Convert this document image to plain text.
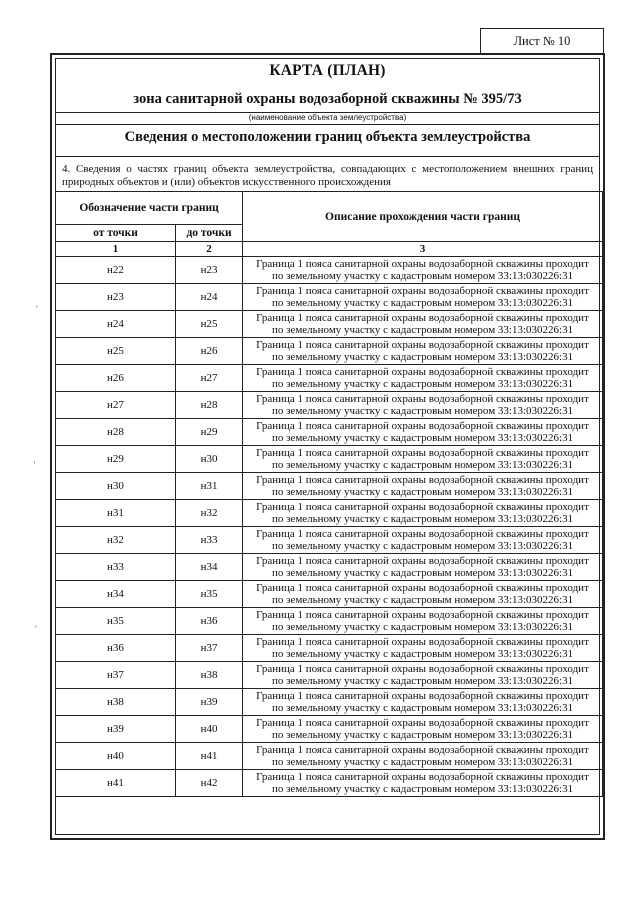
Лист № 10
ˊ
ˌ
ˊ
КАРТА (ПЛАН)
зона санитарной охраны водозаборной скважины № 395/73
(наименование объекта землеустройства)
Сведения о местоположении границ объекта землеустройства
4. Сведения о частях границ объекта землеустройства, совпадающих с местоположением внешних границ природных объектов и (или) объектов искусственного происхождения
Обозначение части границ		Описание прохождения части границ
от точки	до точки	
1	2	3
н22	н23	Граница 1 пояса санитарной охраны водозаборной скважины проходит
по земельному участку с кадастровым номером 33:13:030226:31

н23	н24	Граница 1 пояса санитарной охраны водозаборной скважины проходит
по земельному участку с кадастровым номером 33:13:030226:31

н24	н25	Граница 1 пояса санитарной охраны водозаборной скважины проходит
по земельному участку с кадастровым номером 33:13:030226:31

н25	н26	Граница 1 пояса санитарной охраны водозаборной скважины проходит
по земельному участку с кадастровым номером 33:13:030226:31

н26	н27	Граница 1 пояса санитарной охраны водозаборной скважины проходит
по земельному участку с кадастровым номером 33:13:030226:31

н27	н28	Граница 1 пояса санитарной охраны водозаборной скважины проходит
по земельному участку с кадастровым номером 33:13:030226:31

н28	н29	Граница 1 пояса санитарной охраны водозаборной скважины проходит
по земельному участку с кадастровым номером 33:13:030226:31

н29	н30	Граница 1 пояса санитарной охраны водозаборной скважины проходит
по земельному участку с кадастровым номером 33:13:030226:31

н30	н31	Граница 1 пояса санитарной охраны водозаборной скважины проходит
по земельному участку с кадастровым номером 33:13:030226:31

н31	н32	Граница 1 пояса санитарной охраны водозаборной скважины проходит
по земельному участку с кадастровым номером 33:13:030226:31

н32	н33	Граница 1 пояса санитарной охраны водозаборной скважины проходит
по земельному участку с кадастровым номером 33:13:030226:31

н33	н34	Граница 1 пояса санитарной охраны водозаборной скважины проходит
по земельному участку с кадастровым номером 33:13:030226:31

н34	н35	Граница 1 пояса санитарной охраны водозаборной скважины проходит
по земельному участку с кадастровым номером 33:13:030226:31

н35	н36	Граница 1 пояса санитарной охраны водозаборной скважины проходит
по земельному участку с кадастровым номером 33:13:030226:31

н36	н37	Граница 1 пояса санитарной охраны водозаборной скважины проходит
по земельному участку с кадастровым номером 33:13:030226:31

н37	н38	Граница 1 пояса санитарной охраны водозаборной скважины проходит
по земельному участку с кадастровым номером 33:13:030226:31

н38	н39	Граница 1 пояса санитарной охраны водозаборной скважины проходит
по земельному участку с кадастровым номером 33:13:030226:31

н39	н40	Граница 1 пояса санитарной охраны водозаборной скважины проходит
по земельному участку с кадастровым номером 33:13:030226:31

н40	н41	Граница 1 пояса санитарной охраны водозаборной скважины проходит
по земельному участку с кадастровым номером 33:13:030226:31

н41	н42	Граница 1 пояса санитарной охраны водозаборной скважины проходит
по земельному участку с кадастровым номером 33:13:030226:31
